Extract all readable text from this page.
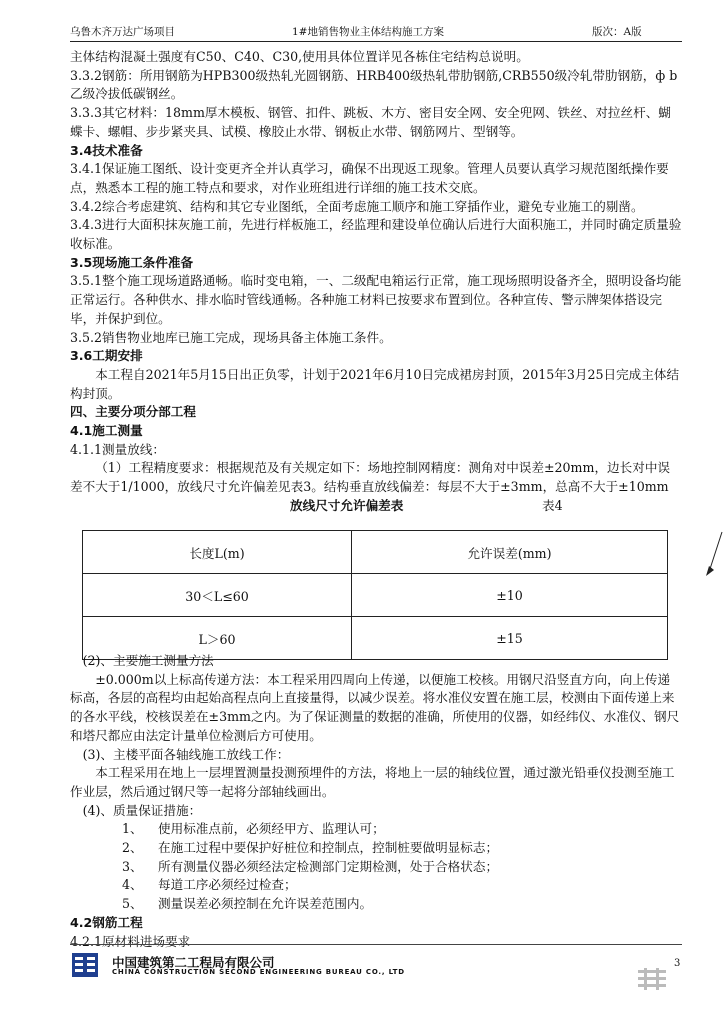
乌鲁木齐万达广场项目	1#地销售物业主体结构施工方案	版次：A版

主体结构混凝土强度有C50、C40、C30,使用具体位置详见各栋住宅结构总说明。

3.3.2钢筋：所用钢筋为HPB300级热轧光圆钢筋、HRB400级热轧带肋钢筋,CRB550级冷轧带肋钢筋，ф b乙级冷拔低碳钢丝。

3.3.3其它材料：18mm厚木模板、钢管、扣件、跳板、木方、密目安全网、安全兜网、铁丝、对拉丝杆、蝴蝶卡、螺帽、步步紧夹具、试模、橡胶止水带、钢板止水带、钢筋网片、型钢等。

3.4技术准备

3.4.1保证施工图纸、设计变更齐全并认真学习，确保不出现返工现象。管理人员要认真学习规范图纸操作要点，熟悉本工程的施工特点和要求，对作业班组进行详细的施工技术交底。

3.4.2综合考虑建筑、结构和其它专业图纸，全面考虑施工顺序和施工穿插作业，避免专业施工的剔凿。

3.4.3进行大面积抹灰施工前，先进行样板施工，经监理和建设单位确认后进行大面积施工，并同时确定质量验收标准。

3.5现场施工条件准备

3.5.1整个施工现场道路通畅。临时变电箱，一、二级配电箱运行正常，施工现场照明设备齐全，照明设备均能正常运行。各种供水、排水临时管线通畅。各种施工材料已按要求布置到位。各种宣传、警示牌架体搭设完毕，并保护到位。

3.5.2销售物业地库已施工完成，现场具备主体施工条件。

3.6工期安排

本工程自2021年5月15日出正负零，计划于2021年6月10日完成裙房封顶，2015年3月25日完成主体结构封顶。

四、主要分项分部工程

4.1施工测量

4.1.1测量放线：

（1）工程精度要求：根据规范及有关规定如下：场地控制网精度：测角对中误差±20mm，边长对中误差不大于1/1000，放线尺寸允许偏差见表3。结构垂直放线偏差：每层不大于±3mm，总高不大于±10mm

放线尺寸允许偏差表	表4
长度L(m)	允许误差(mm)
30＜L≤60	±10
L＞60	±15

(2)、主要施工测量方法

±0.000m以上标高传递方法：本工程采用四周向上传递，以便施工校核。用钢尺沿竖直方向，向上传递标高，各层的高程均由起始高程点向上直接量得，以减少误差。将水准仪安置在施工层，校测由下面传递上来的各水平线，校核误差在±3mm之内。为了保证测量的数据的准确，所使用的仪器，如经纬仪、水准仪、钢尺和塔尺都应由法定计量单位检测后方可使用。

(3)、主楼平面各轴线施工放线工作：

本工程采用在地上一层埋置测量投测预埋件的方法，将地上一层的轴线位置，通过激光铅垂仪投测至施工作业层，然后通过钢尺等一起将分部轴线画出。

(4)、质量保证措施：

1、 使用标准点前，必须经甲方、监理认可；

2、 在施工过程中要保护好桩位和控制点，控制桩要做明显标志；

3、 所有测量仪器必须经法定检测部门定期检测，处于合格状态；

4、 每道工序必须经过检查；

5、 测量误差必须控制在允许误差范围内。

4.2钢筋工程

4.2.1原材料进场要求

中国建筑第二工程局有限公司
CHINA CONSTRUCTION SECOND ENGINEERING BUREAU CO., LTD
3
